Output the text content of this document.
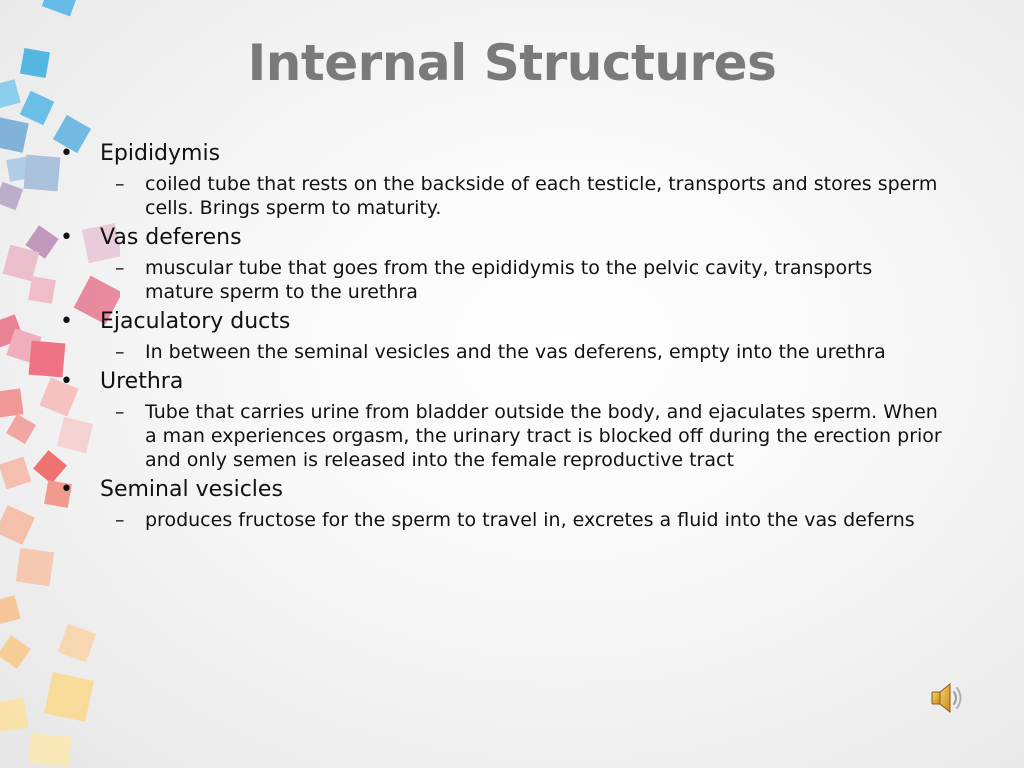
Internal Structures
• Epididymis
– coiled tube that rests on the backside of each testicle, transports and stores sperm cells. Brings sperm to maturity.
• Vas deferens
– muscular tube that goes from the epididymis to the pelvic cavity, transports mature sperm to the urethra
• Ejaculatory ducts
– In between the seminal vesicles and the vas deferens, empty into the urethra
• Urethra
– Tube that carries urine from bladder outside the body, and ejaculates sperm. When a man experiences orgasm, the urinary tract is blocked off during the erection prior and only semen is released into the female reproductive tract
• Seminal vesicles
– produces fructose for the sperm to travel in, excretes a fluid into the vas deferns
